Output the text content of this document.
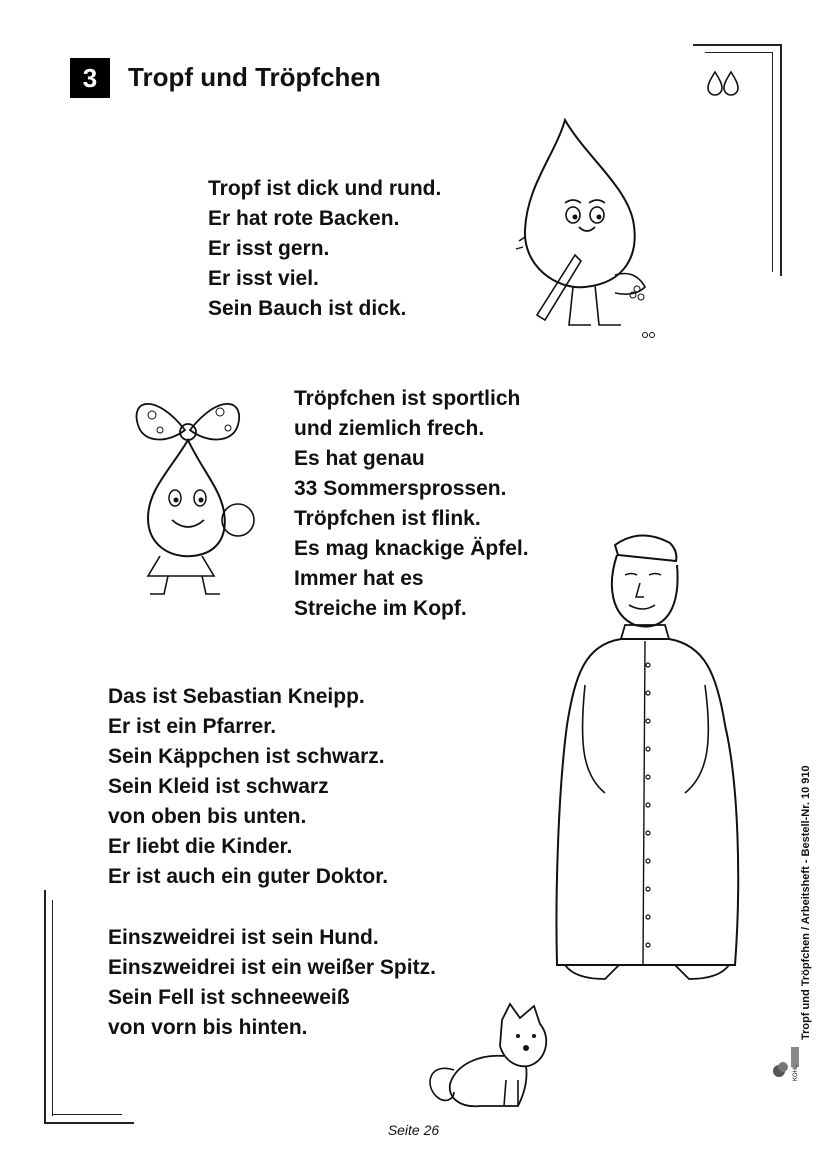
3	Tropf und Tröpfchen
Tropf ist dick und rund.
Er hat rote Backen.
Er isst gern.
Er isst viel.
Sein Bauch ist dick.
Tröpfchen ist sportlich
und ziemlich frech.
Es hat genau
33 Sommersprossen.
Tröpfchen ist flink.
Es mag knackige Äpfel.
Immer hat es
Streiche im Kopf.
Das ist Sebastian Kneipp.
Er ist ein Pfarrer.
Sein Käppchen ist schwarz.
Sein Kleid ist schwarz
von oben bis unten.
Er liebt die Kinder.
Er ist auch ein guter Doktor.
Einszweidrei ist sein Hund.
Einszweidrei ist ein weißer Spitz.
Sein Fell ist schneeweiß
von vorn bis hinten.	Tropf und Tröpfchen / Arbeitsheft - Bestell-Nr. 10 910
KOHL
Seite 26
